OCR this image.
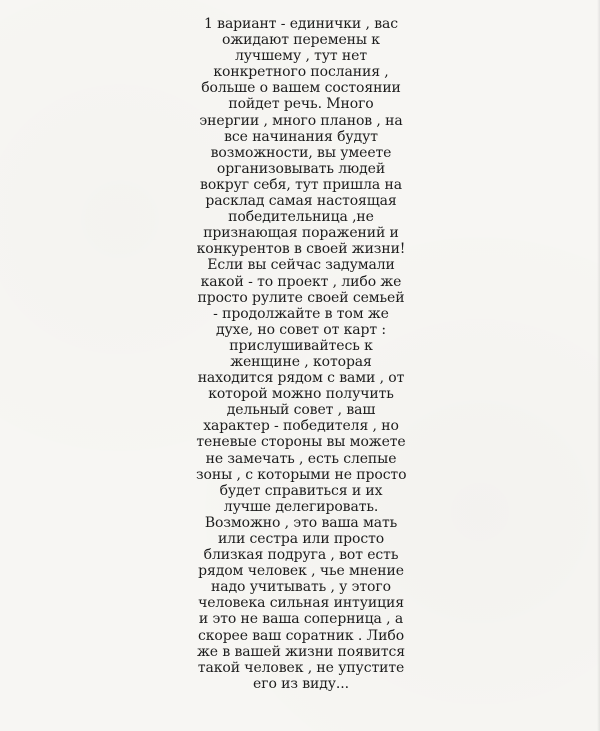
1 вариант - единички , вас
ожидают перемены к
лучшему , тут нет
конкретного послания ,
больше о вашем состоянии
пойдет речь. Много
энергии , много планов , на
все начинания будут
возможности, вы умеете
организовывать людей
вокруг себя, тут пришла на
расклад самая настоящая
победительница ,не
признающая поражений и
конкурентов в своей жизни!
Если вы сейчас задумали
какой - то проект , либо же
просто рулите своей семьей
- продолжайте в том же
духе, но совет от карт :
прислушивайтесь к
женщине , которая
находится рядом с вами , от
которой можно получить
дельный совет , ваш
характер - победителя , но
теневые стороны вы можете
не замечать , есть слепые
зоны , с которыми не просто
будет справиться и их
лучше делегировать.
Возможно , это ваша мать
или сестра или просто
близкая подруга , вот есть
рядом человек , чье мнение
надо учитывать , у этого
человека сильная интуиция
и это не ваша соперница , а
скорее ваш соратник . Либо
же в вашей жизни появится
такой человек , не упустите
его из виду...
